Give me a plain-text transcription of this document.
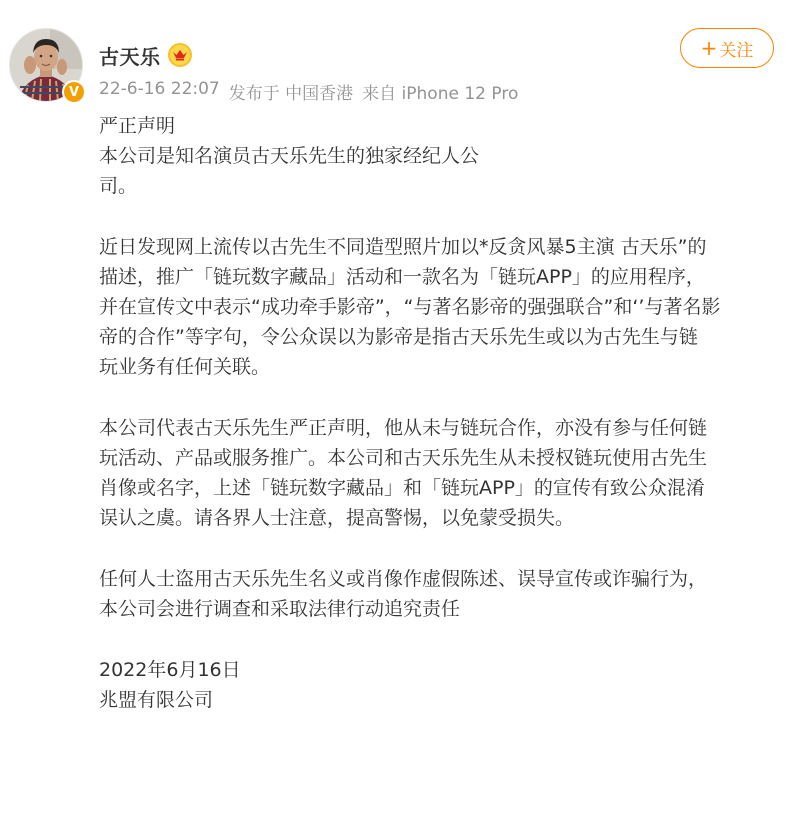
V
古天乐
22-6-16 22:07 发布于 中国香港 来自 iPhone 12 Pro
+ 关注

严正声明
本公司是知名演员古天乐先生的独家经纪人公
司。

近日发现网上流传以古先生不同造型照片加以*反贪风暴5主演 古天乐”的
描述，推广「链玩数字藏品」活动和一款名为「链玩APP」的应用程序，
并在宣传文中表示“成功牵手影帝”，“与著名影帝的强强联合”和‘’与著名影
帝的合作”等字句，令公众误以为影帝是指古天乐先生或以为古先生与链
玩业务有任何关联。

本公司代表古天乐先生严正声明，他从未与链玩合作，亦没有参与任何链
玩活动、产品或服务推广。本公司和古天乐先生从未授权链玩使用古先生
肖像或名字，上述「链玩数字藏品」和「链玩APP」的宣传有致公众混淆
误认之虞。请各界人士注意，提高警惕，以免蒙受损失。

任何人士盗用古天乐先生名义或肖像作虚假陈述、误导宣传或诈骗行为，
本公司会进行调查和采取法律行动追究责任

2022年6月16日
兆盟有限公司
